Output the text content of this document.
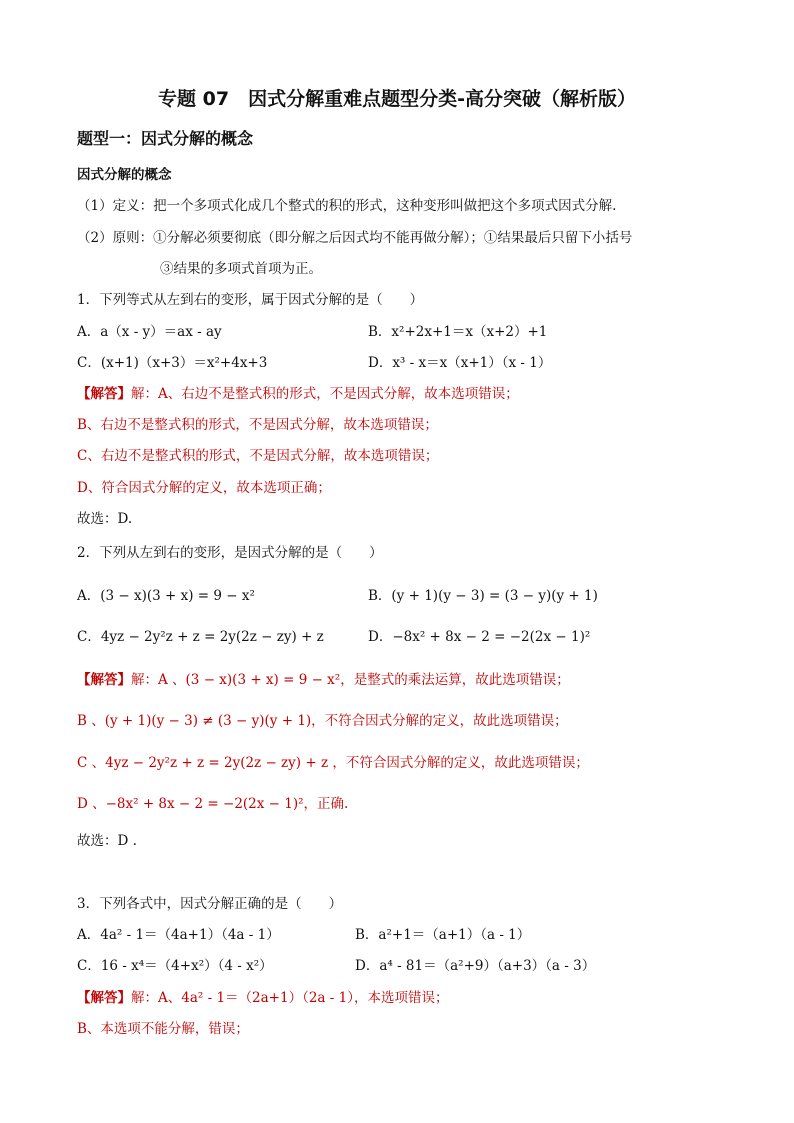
专题 07　因式分解重难点题型分类-高分突破（解析版）
题型一：因式分解的概念
因式分解的概念
（1）定义：把一个多项式化成几个整式的积的形式，这种变形叫做把这个多项式因式分解.
（2）原则：①分解必须要彻底（即分解之后因式均不能再做分解）；①结果最后只留下小括号
③结果的多项式首项为正。
1．下列等式从左到右的变形，属于因式分解的是（　　）
A．a（x - y）＝ax - ay	B．x²+2x+1＝x（x+2）+1
C．(x+1)（x+3）＝x²+4x+3	D．x³ - x＝x（x+1）（x - 1）
【解答】解：A、右边不是整式积的形式，不是因式分解，故本选项错误；
B、右边不是整式积的形式，不是因式分解，故本选项错误；
C、右边不是整式积的形式，不是因式分解，故本选项错误；
D、符合因式分解的定义，故本选项正确；
故选：D.
2．下列从左到右的变形，是因式分解的是（　　）
A．(3 − x)(3 + x) = 9 − x²	B．(y + 1)(y − 3) = (3 − y)(y + 1)
C．4yz − 2y²z + z = 2y(2z − zy) + z	D．−8x² + 8x − 2 = −2(2x − 1)²
【解答】解：A 、(3 − x)(3 + x) = 9 − x²，是整式的乘法运算，故此选项错误；
B 、(y + 1)(y − 3) ≠ (3 − y)(y + 1)，不符合因式分解的定义，故此选项错误；
C 、4yz − 2y²z + z = 2y(2z − zy) + z ，不符合因式分解的定义，故此选项错误；
D 、−8x² + 8x − 2 = −2(2x − 1)²，正确.
故选：D .
3．下列各式中，因式分解正确的是（　　）
A．4a² - 1＝（4a+1）（4a - 1）	B．a²+1＝（a+1）（a - 1）
C．16 - x⁴＝（4+x²）（4 - x²）	D．a⁴ - 81＝（a²+9）（a+3）（a - 3）
【解答】解：A、4a² - 1＝（2a+1）（2a - 1），本选项错误；
B、本选项不能分解，错误；
